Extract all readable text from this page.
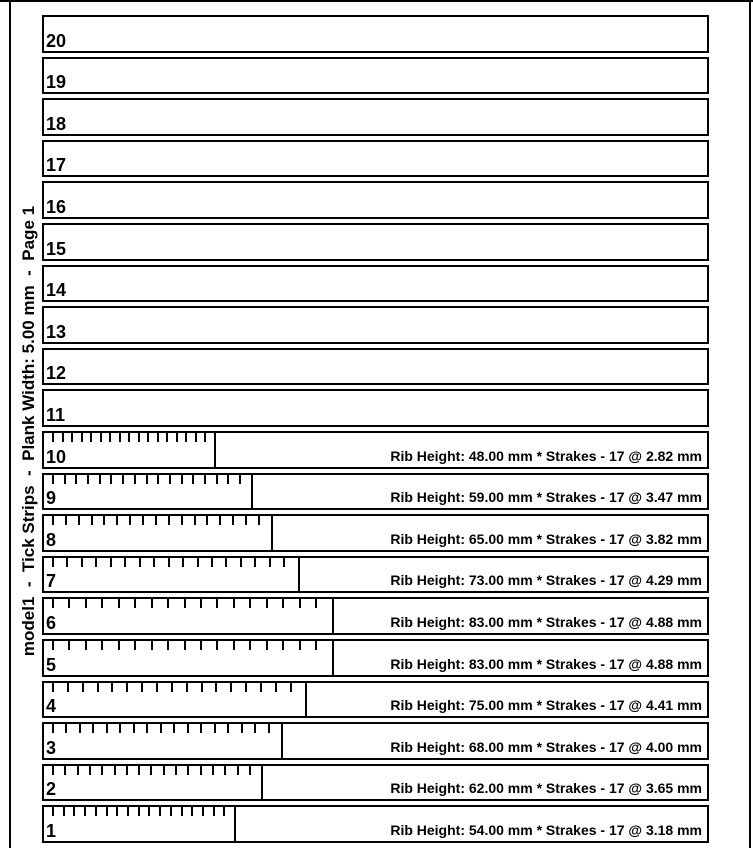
model1  -  Tick Strips  -  Plank Width: 5.00 mm  -  Page 1
20
19
18
17
16
15
14
13
12
11
10	Rib Height: 48.00 mm * Strakes - 17 @ 2.82 mm
9	Rib Height: 59.00 mm * Strakes - 17 @ 3.47 mm
8	Rib Height: 65.00 mm * Strakes - 17 @ 3.82 mm
7	Rib Height: 73.00 mm * Strakes - 17 @ 4.29 mm
6	Rib Height: 83.00 mm * Strakes - 17 @ 4.88 mm
5	Rib Height: 83.00 mm * Strakes - 17 @ 4.88 mm
4	Rib Height: 75.00 mm * Strakes - 17 @ 4.41 mm
3	Rib Height: 68.00 mm * Strakes - 17 @ 4.00 mm
2	Rib Height: 62.00 mm * Strakes - 17 @ 3.65 mm
1	Rib Height: 54.00 mm * Strakes - 17 @ 3.18 mm
